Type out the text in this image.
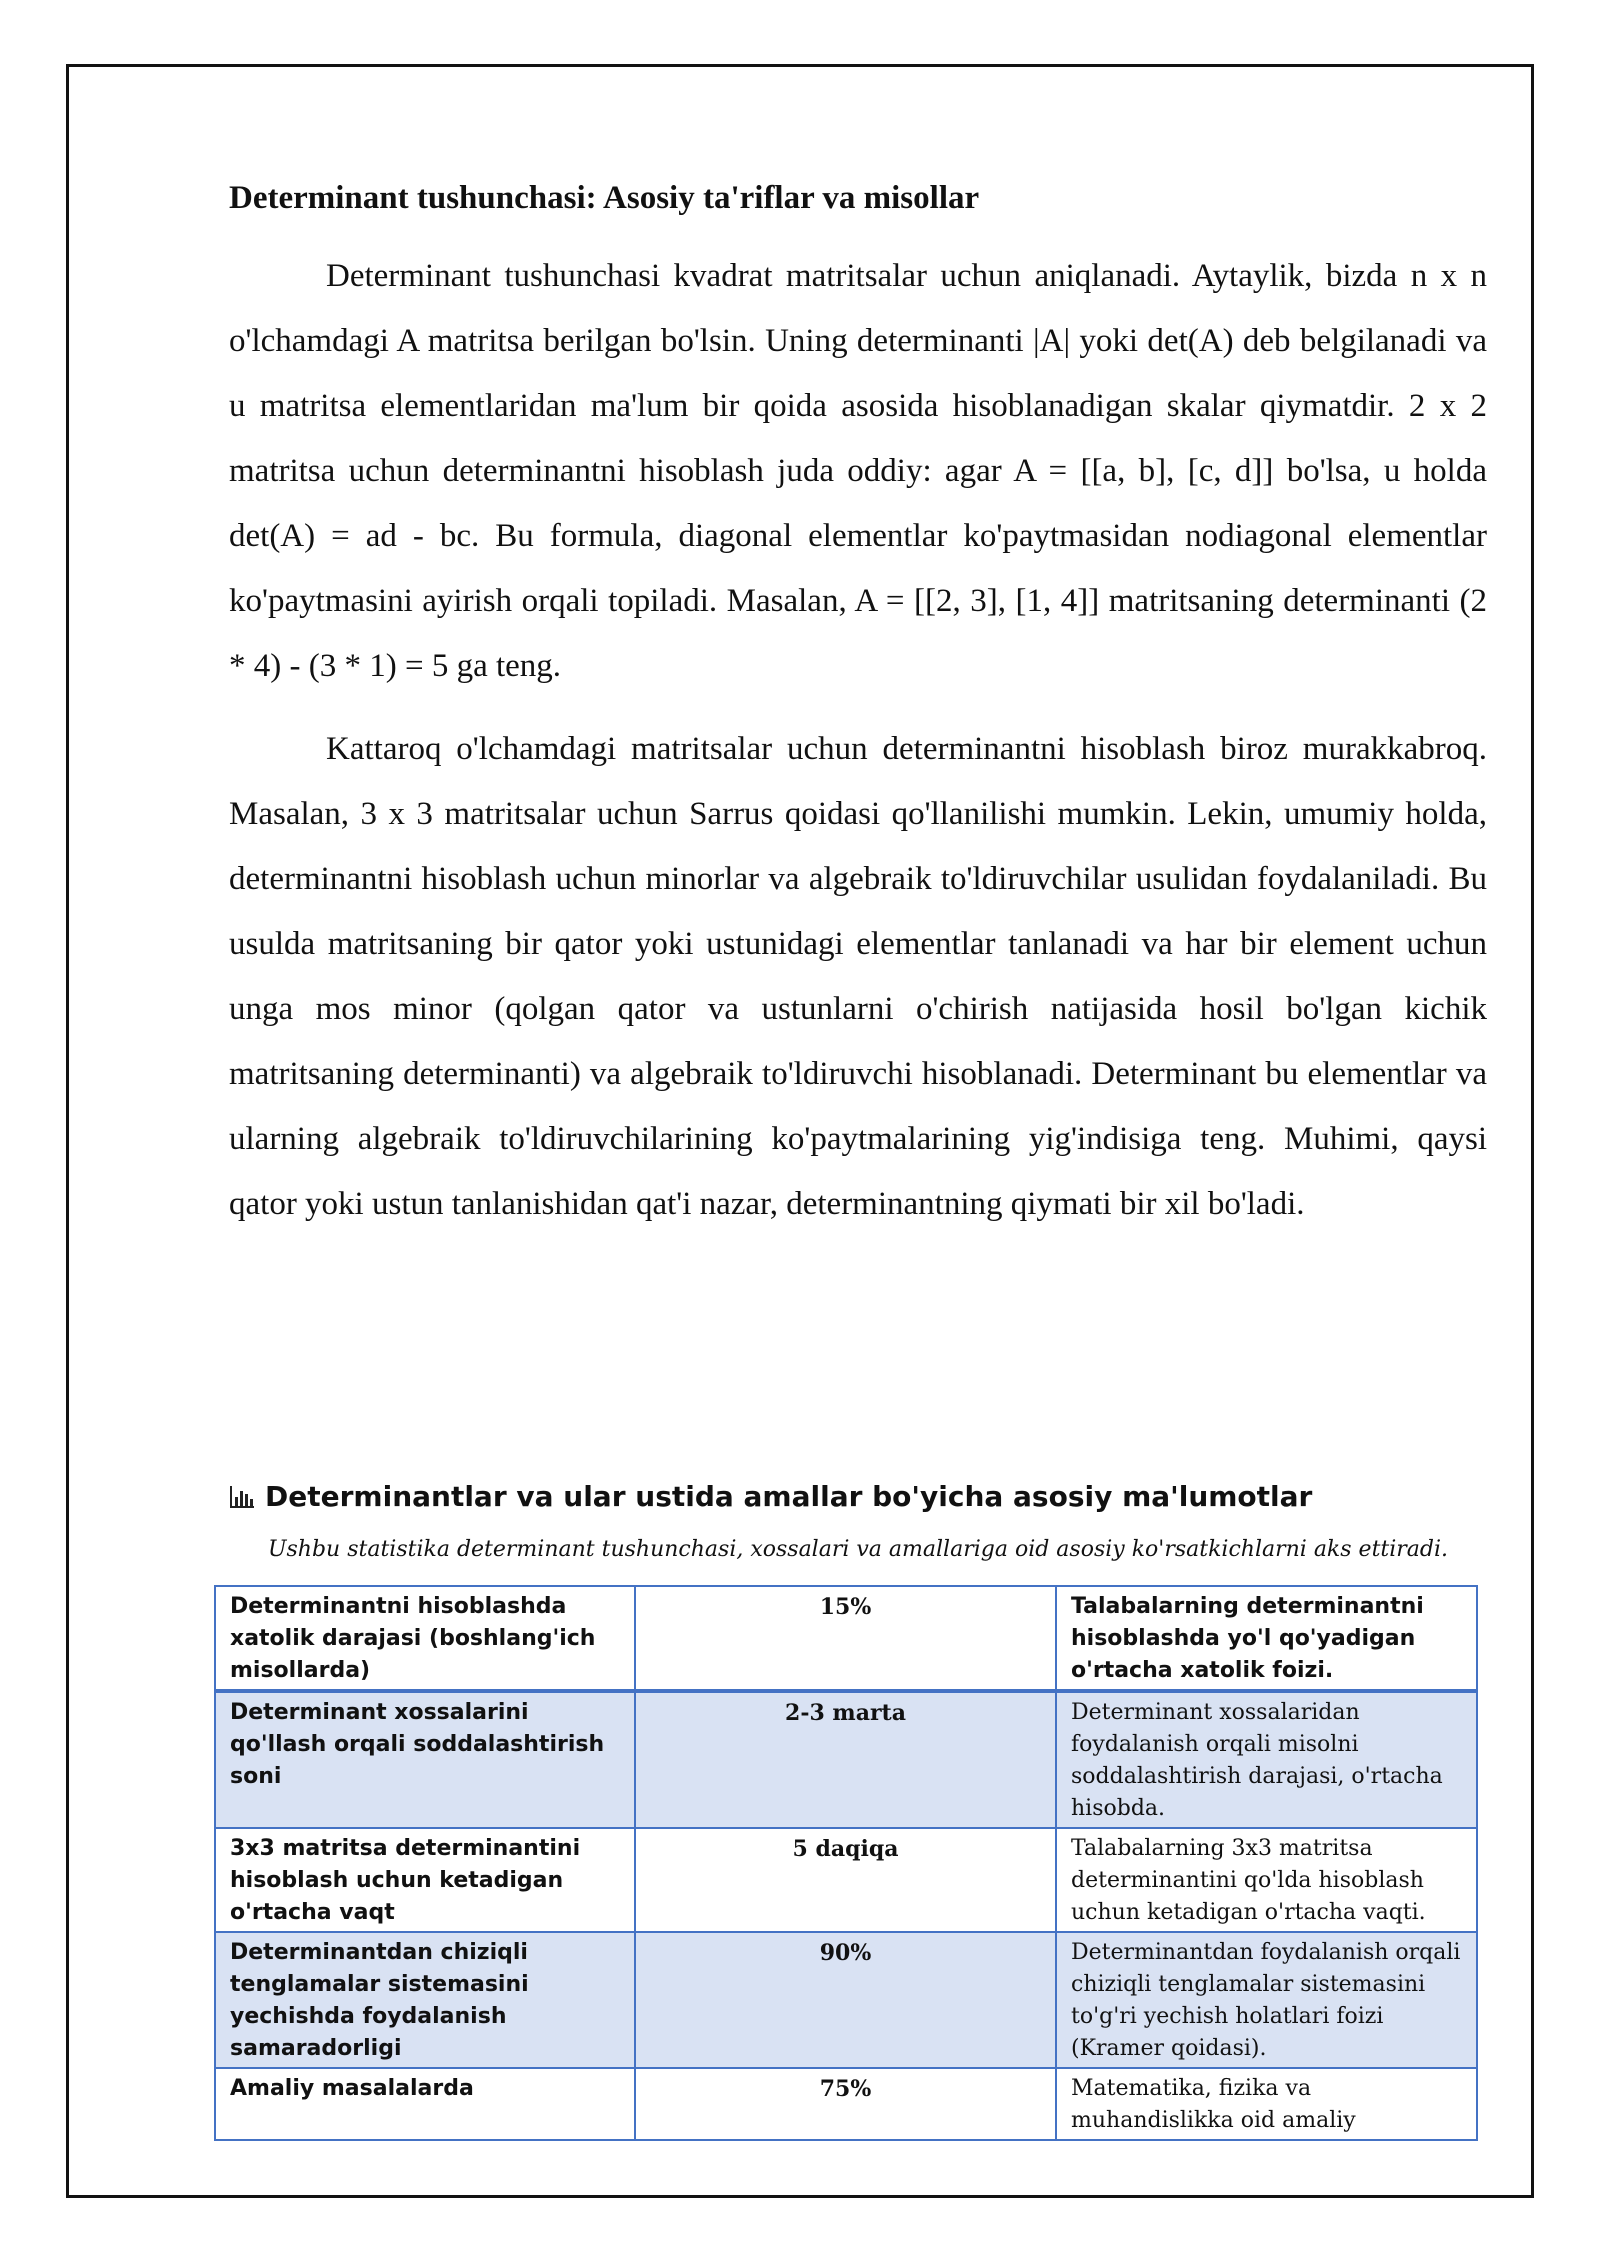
Determinant tushunchasi: Asosiy ta'riflar va misollar

Determinant tushunchasi kvadrat matritsalar uchun aniqlanadi. Aytaylik, bizda n x n o'lchamdagi A matritsa berilgan bo'lsin. Uning determinanti |A| yoki det(A) deb belgilanadi va u matritsa elementlaridan ma'lum bir qoida asosida hisoblanadigan skalar qiymatdir. 2 x 2 matritsa uchun determinantni hisoblash juda oddiy: agar A = [[a, b], [c, d]] bo'lsa, u holda det(A) = ad - bc. Bu formula, diagonal elementlar ko'paytmasidan nodiagonal elementlar ko'paytmasini ayirish orqali topiladi. Masalan, A = [[2, 3], [1, 4]] matritsaning determinanti (2 * 4) - (3 * 1) = 5 ga teng.

Kattaroq o'lchamdagi matritsalar uchun determinantni hisoblash biroz murakkabroq. Masalan, 3 x 3 matritsalar uchun Sarrus qoidasi qo'llanilishi mumkin. Lekin, umumiy holda, determinantni hisoblash uchun minorlar va algebraik to'ldiruvchilar usulidan foydalaniladi. Bu usulda matritsaning bir qator yoki ustunidagi elementlar tanlanadi va har bir element uchun unga mos minor (qolgan qator va ustunlarni o'chirish natijasida hosil bo'lgan kichik matritsaning determinanti) va algebraik to'ldiruvchi hisoblanadi. Determinant bu elementlar va ularning algebraik to'ldiruvchilarining ko'paytmalarining yig'indisiga teng. Muhimi, qaysi qator yoki ustun tanlanishidan qat'i nazar, determinantning qiymati bir xil bo'ladi.

Determinantlar va ular ustida amallar bo'yicha asosiy ma'lumotlar
Ushbu statistika determinant tushunchasi, xossalari va amallariga oid asosiy ko'rsatkichlarni aks ettiradi.
Determinantni hisoblashda xatolik darajasi (boshlang'ich misollarda)	15%	Talabalarning determinantni hisoblashda yo'l qo'yadigan o'rtacha xatolik foizi.
Determinant xossalarini qo'llash orqali soddalashtirish soni	2-3 marta	Determinant xossalaridan foydalanish orqali misolni soddalashtirish darajasi, o'rtacha hisobda.
3x3 matritsa determinantini hisoblash uchun ketadigan o'rtacha vaqt	5 daqiqa	Talabalarning 3x3 matritsa determinantini qo'lda hisoblash uchun ketadigan o'rtacha vaqti.
Determinantdan chiziqli tenglamalar sistemasini yechishda foydalanish samaradorligi	90%	Determinantdan foydalanish orqali chiziqli tenglamalar sistemasini to'g'ri yechish holatlari foizi (Kramer qoidasi).
Amaliy masalalarda	75%	Matematika, fizika va muhandislikka oid amaliy
